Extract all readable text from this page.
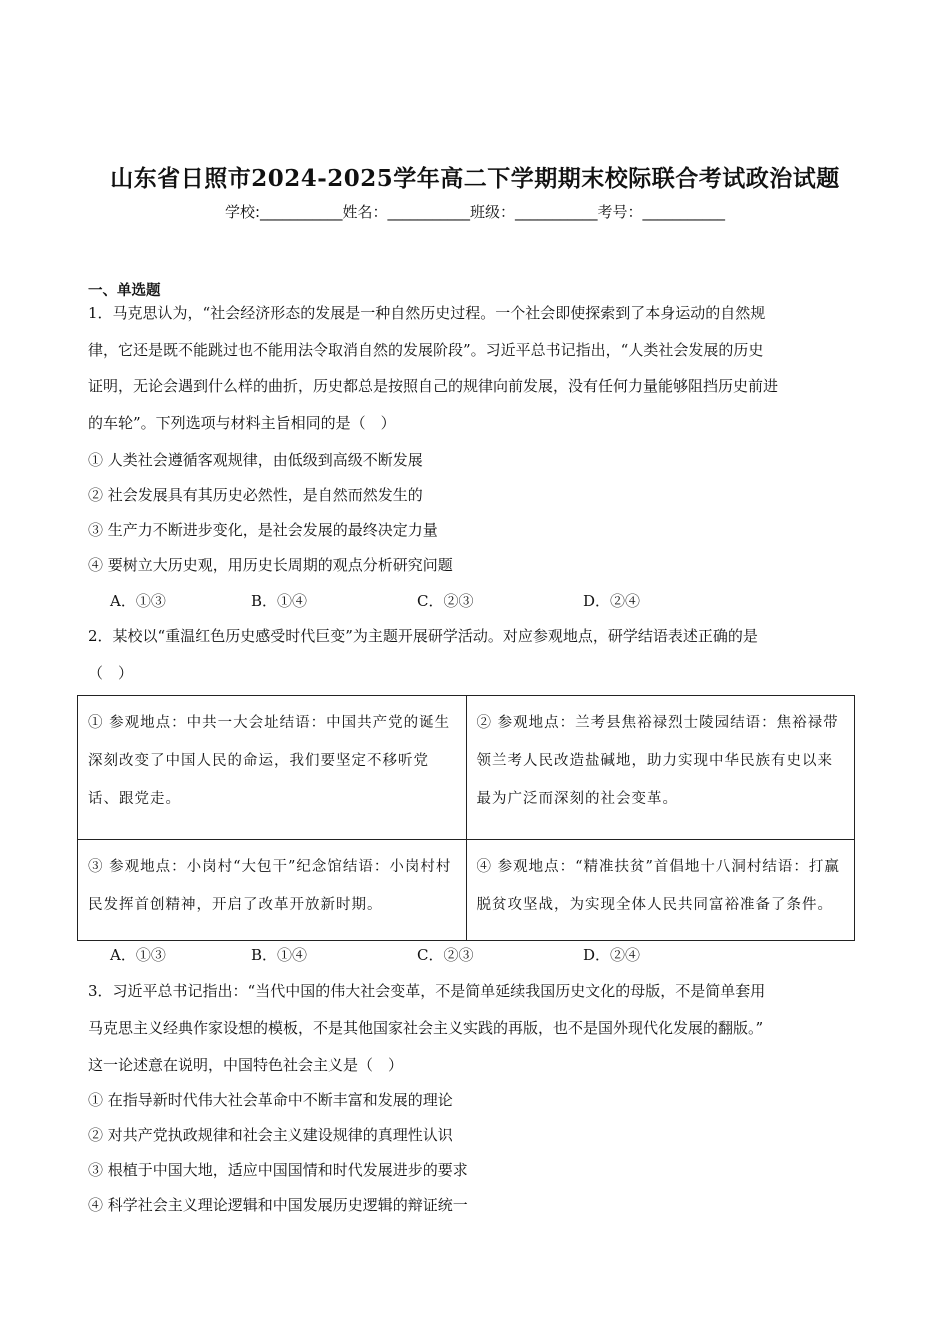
山东省日照市2024-2025学年高二下学期期末校际联合考试政治试题
学校:___________姓名：___________班级：___________考号：___________
一、单选题
1．马克思认为，“社会经济形态的发展是一种自然历史过程。一个社会即使探索到了本身运动的自然规
律，它还是既不能跳过也不能用法令取消自然的发展阶段”。习近平总书记指出，“人类社会发展的历史
证明，无论会遇到什么样的曲折，历史都总是按照自己的规律向前发展，没有任何力量能够阻挡历史前进
的车轮”。下列选项与材料主旨相同的是（　）
① 人类社会遵循客观规律，由低级到高级不断发展
② 社会发展具有其历史必然性，是自然而然发生的
③ 生产力不断进步变化，是社会发展的最终决定力量
④ 要树立大历史观，用历史长周期的观点分析研究问题
A．①③	B．①④	C．②③	D．②④
2．某校以“重温红色历史感受时代巨变”为主题开展研学活动。对应参观地点，研学结语表述正确的是
（　）
① 参观地点：中共一大会址结语：中国共产党的诞生深刻改变了中国人民的命运，我们要坚定不移听党话、跟党走。	② 参观地点：兰考县焦裕禄烈士陵园结语：焦裕禄带领兰考人民改造盐碱地，助力实现中华民族有史以来最为广泛而深刻的社会变革。
③ 参观地点：小岗村“大包干”纪念馆结语：小岗村村民发挥首创精神，开启了改革开放新时期。	④ 参观地点：“精准扶贫”首倡地十八洞村结语：打赢脱贫攻坚战，为实现全体人民共同富裕准备了条件。
A．①③	B．①④	C．②③	D．②④
3．习近平总书记指出：“当代中国的伟大社会变革，不是简单延续我国历史文化的母版，不是简单套用
马克思主义经典作家设想的模板，不是其他国家社会主义实践的再版，也不是国外现代化发展的翻版。”
这一论述意在说明，中国特色社会主义是（　）
① 在指导新时代伟大社会革命中不断丰富和发展的理论
② 对共产党执政规律和社会主义建设规律的真理性认识
③ 根植于中国大地，适应中国国情和时代发展进步的要求
④ 科学社会主义理论逻辑和中国发展历史逻辑的辩证统一
